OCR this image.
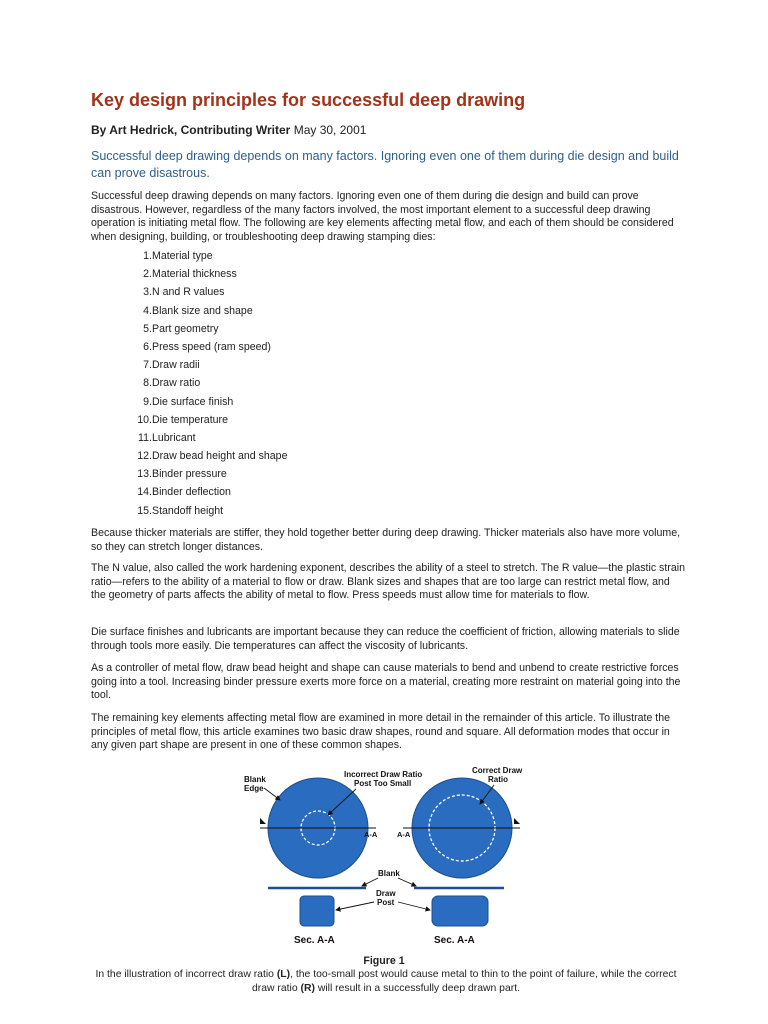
Key design principles for successful deep drawing
By Art Hedrick, Contributing Writer May 30, 2001
Successful deep drawing depends on many factors. Ignoring even one of them during die design and build can prove disastrous.

Successful deep drawing depends on many factors. Ignoring even one of them during die design and build can prove disastrous. However, regardless of the many factors involved, the most important element to a successful deep drawing operation is initiating metal flow. The following are key elements affecting metal flow, and each of them should be considered when designing, building, or troubleshooting deep drawing stamping dies:

1. Material type
2. Material thickness
3. N and R values
4. Blank size and shape
5. Part geometry
6. Press speed (ram speed)
7. Draw radii
8. Draw ratio
9. Die surface finish
10. Die temperature
11. Lubricant
12. Draw bead height and shape
13. Binder pressure
14. Binder deflection
15. Standoff height

Because thicker materials are stiffer, they hold together better during deep drawing. Thicker materials also have more volume, so they can stretch longer distances.

The N value, also called the work hardening exponent, describes the ability of a steel to stretch. The R value—the plastic strain ratio—refers to the ability of a material to flow or draw. Blank sizes and shapes that are too large can restrict metal flow, and the geometry of parts affects the ability of metal to flow. Press speeds must allow time for materials to flow.

Die surface finishes and lubricants are important because they can reduce the coefficient of friction, allowing materials to slide through tools more easily. Die temperatures can affect the viscosity of lubricants.

As a controller of metal flow, draw bead height and shape can cause materials to bend and unbend to create restrictive forces going into a tool. Increasing binder pressure exerts more force on a material, creating more restraint on material going into the tool.

The remaining key elements affecting metal flow are examined in more detail in the remainder of this article. To illustrate the principles of metal flow, this article examines two basic draw shapes, round and square. All deformation modes that occur in any given part shape are present in one of these common shapes.

Blank
Edge
Incorrect Draw Ratio
Post Too Small
Correct Draw
Ratio
A-A	A-A
Blank
Draw
Post
Sec. A-A	Sec. A-A
Figure 1
In the illustration of incorrect draw ratio (L), the too-small post would cause metal to thin to the point of failure, while the correct draw ratio (R) will result in a successfully deep drawn part.
